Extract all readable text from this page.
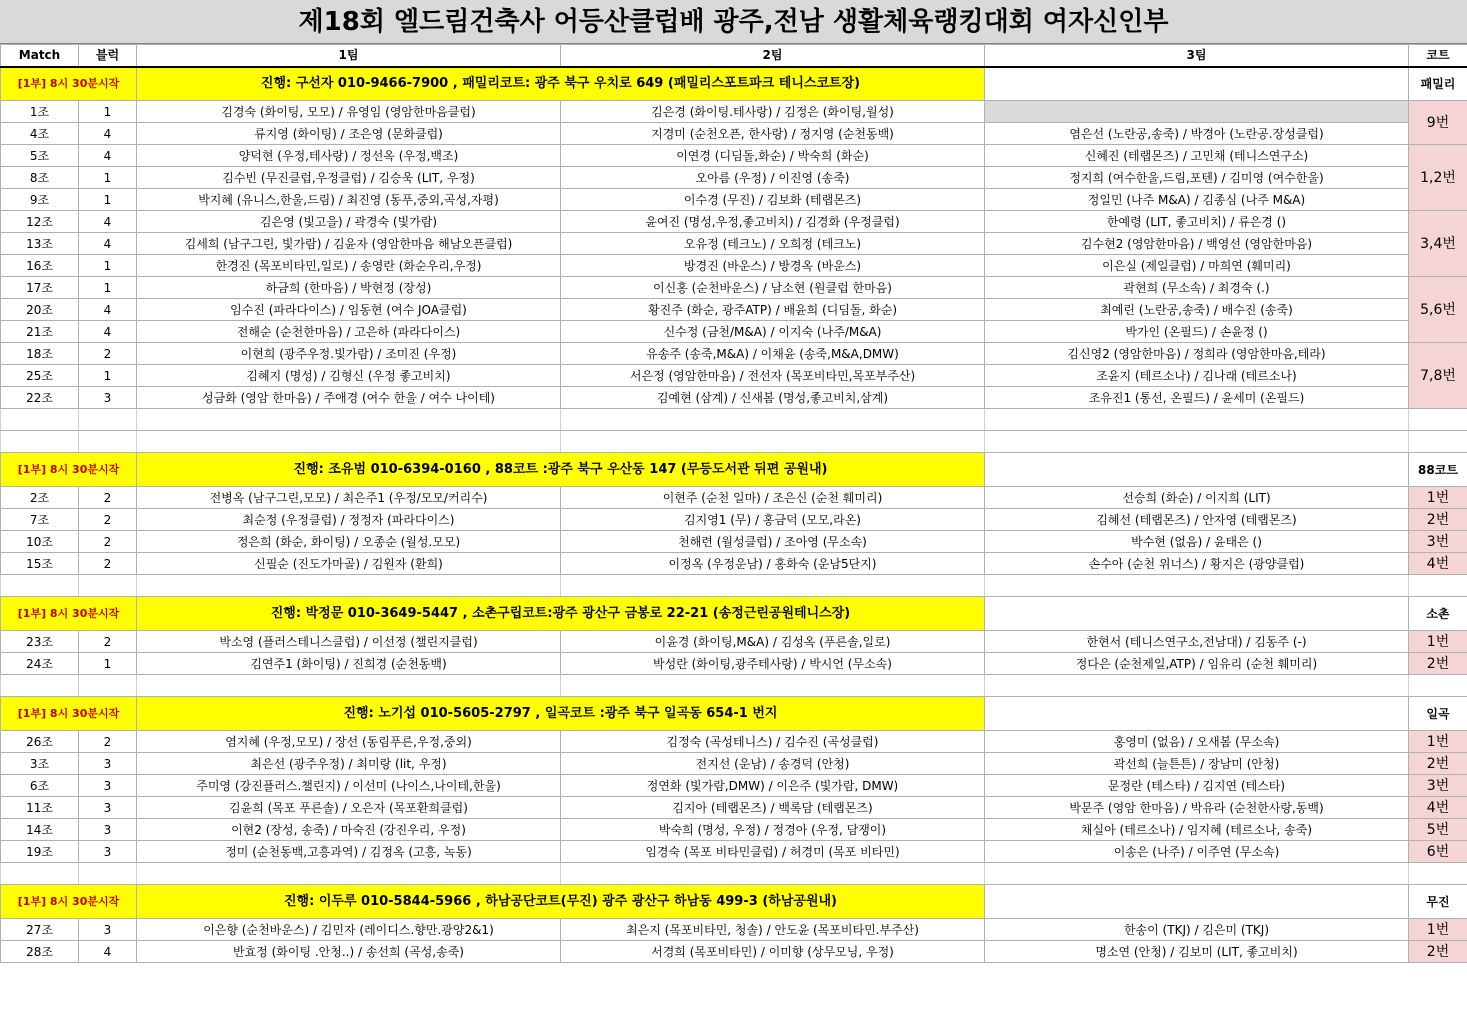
제18회 엘드림건축사 어등산클럽배 광주,전남 생활체육랭킹대회 여자신인부
Match	블럭	1팀	2팀	3팀	코트
[1부] 8시 30분시작		진행: 구선자 010-9466-7900 , 패밀리코트: 광주 북구 우치로 649 (패밀리스포트파크 테니스코트장)			패밀리
1조	1	김경숙 (화이팅, 모모) / 유영임 (영암한마음클럽)	김은경 (화이팅.테사랑) / 김정은 (화이팅,월성)		9번
4조	4	류지영 (화이팅) / 조은영 (문화클럽)	지경미 (순천오픈, 한사랑) / 정지영 (순천동백)	염은선 (노란공,송죽) / 박경아 (노란공.장성클럽)	
5조	4	양덕현 (우정,테사랑) / 정선옥 (우정,백조)	이연경 (디딤돌,화순) / 박숙희 (화순)	신혜진 (테랩몬즈) / 고민채 (테니스연구소)	1,2번
8조	1	김수빈 (무진클럽,우정클럽) / 김승욱 (LIT, 우정)	오아름 (우정) / 이진영 (송죽)	정지희 (여수한울,드림,포텐) / 김미영 (여수한울)	
9조	1	박지혜 (유니스,한울,드림) / 최진영 (동푸,중외,곡성,자평)	이수경 (무진) / 김보화 (테랩몬즈)	정일민 (나주 M&A) / 김종심 (나주 M&A)	
12조	4	김은영 (빛고을) / 곽경숙 (빛가람)	윤여진 (명성,우정,좋고비치) / 김경화 (우정클럽)	한예령 (LIT, 좋고비치) / 류은경 ()	3,4번
13조	4	김세희 (남구그린, 빛가람) / 김윤자 (영암한마음 해남오픈클럽)	오유정 (테크노) / 오희정 (테크노)	김수현2 (영암한마음) / 백영선 (영암한마음)	
16조	1	한경진 (목포비타민,일로) / 송영란 (화순우리,우정)	방경진 (바운스) / 방경옥 (바운스)	이은실 (제일클럽) / 마희연 (훼미리)	
17조	1	하금희 (한마음) / 박현정 (장성)	이신홍 (순천바운스) / 남소현 (원클럽 한마음)	곽현희 (무소속) / 최경숙 (.)	5,6번
20조	4	임수진 (파라다이스) / 임동현 (여수 JOA클럽)	황진주 (화순, 광주ATP) / 배윤희 (디딤돌, 화순)	최예린 (노란공,송죽) / 배수진 (송죽)	
21조	4	전해순 (순천한마음) / 고은하 (파라다이스)	신수정 (금천/M&A) / 이지숙 (나주/M&A)	박가인 (온필드) / 손윤정 ()	
18조	2	이현희 (광주우정.빛가람) / 조미진 (우정)	유송주 (송죽,M&A) / 이채윤 (송죽,M&A,DMW)	김신영2 (영암한마음) / 정희라 (영암한마음,테라)	7,8번
25조	1	김혜지 (명성) / 김형신 (우정 좋고비치)	서은정 (영암한마음) / 전선자 (목포비타민,목포부주산)	조윤지 (테르소나) / 김나래 (테르소나)	
22조	3	성금화 (영암 한마음) / 주애경 (여수 한울 / 여수 나이테)	김예현 (삼계) / 신새봄 (명성,좋고비치,삼계)	조유진1 (통선, 온필드) / 윤세미 (온필드)	

[1부] 8시 30분시작		진행: 조유범 010-6394-0160 , 88코트 :광주 북구 우산동 147 (무등도서관 뒤편 공원내)			88코트
2조	2	전병옥 (남구그린,모모) / 최은주1 (우정/모모/커리수)	이현주 (순천 일마) / 조은신 (순천 훼미리)	선승희 (화순) / 이지희 (LIT)	1번
7조	2	최순정 (우정클럽) / 정정자 (파라다이스)	김지영1 (무) / 홍금덕 (모모,라온)	김혜선 (테랩몬즈) / 안자영 (테랩몬즈)	2번
10조	2	정은희 (화순, 화이팅) / 오종순 (월성.모모)	천해련 (월성클럽) / 조아영 (무소속)	박수현 (없음) / 윤태은 ()	3번
15조	2	신필순 (진도가마골) / 김원자 (환희)	이정옥 (우정운남) / 홍화숙 (운남5단지)	손수아 (순천 위너스) / 황지은 (광양클럽)	4번

[1부] 8시 30분시작		진행: 박정문 010-3649-5447 , 소촌구립코트:광주 광산구 금봉로 22-21 (송정근린공원테니스장)			소촌
23조	2	박소영 (플러스테니스클럽) / 이선정 (챌린지클럽)	이윤경 (화이팅,M&A) / 김성옥 (푸른솔,일로)	한현서 (테니스연구소,전남대) / 김동주 (-)	1번
24조	1	김연주1 (화이팅) / 진희경 (순천동백)	박성란 (화이팅,광주테사랑) / 박시언 (무소속)	정다은 (순천제일,ATP) / 임유리 (순천 훼미리)	2번

[1부] 8시 30분시작		진행: 노기섭 010-5605-2797 , 일곡코트 :광주 북구 일곡동 654-1 번지			일곡
26조	2	염지혜 (우정,모모) / 장선 (동림푸른,우정,중외)	김정숙 (곡성테니스) / 김수진 (곡성클럽)	홍영미 (없음) / 오새봄 (무소속)	1번
3조	3	최은선 (광주우정) / 최미랑 (lit, 우정)	전지선 (운남) / 송경덕 (안청)	곽선희 (늘튼튼) / 장남미 (안청)	2번
6조	3	주미영 (강진플러스.챌린지) / 이선미 (나이스,나이테,한울)	정연화 (빛가람,DMW) / 이은주 (빛가람, DMW)	문정란 (테스타) / 김지연 (테스타)	3번
11조	3	김윤희 (목포 푸른솔) / 오은자 (목포환희클럽)	김지아 (테랩몬즈) / 백록담 (테랩몬즈)	박문주 (영암 한마음) / 박유라 (순천한사랑,동백)	4번
14조	3	이현2 (장성, 송죽) / 마숙진 (강진우리, 우정)	박숙희 (명성, 우정) / 정경아 (우정, 담쟁이)	채실아 (테르소나) / 임지혜 (테르소나, 송죽)	5번
19조	3	정미 (순천동백,고흥과역) / 김정옥 (고흥, 녹동)	임경숙 (목포 비타민클럽) / 허경미 (목포 비타민)	이송은 (나주) / 이주연 (무소속)	6번

[1부] 8시 30분시작		진행: 이두루 010-5844-5966 , 하남공단코트(무진) 광주 광산구 하남동 499-3 (하남공원내)			무진
27조	3	이은향 (순천바운스) / 김민자 (레이디스.향만.광양2&1)	최은지 (목포비타민, 청솔) / 안도윤 (목포비타민.부주산)	한송이 (TKJ) / 김은미 (TKJ)	1번
28조	4	반효정 (화이팅 .안청..) / 송선희 (곡성,송죽)	서경희 (목포비타민) / 이미향 (상무모닝, 우정)	명소연 (안청) / 김보미 (LIT, 좋고비치)	2번
